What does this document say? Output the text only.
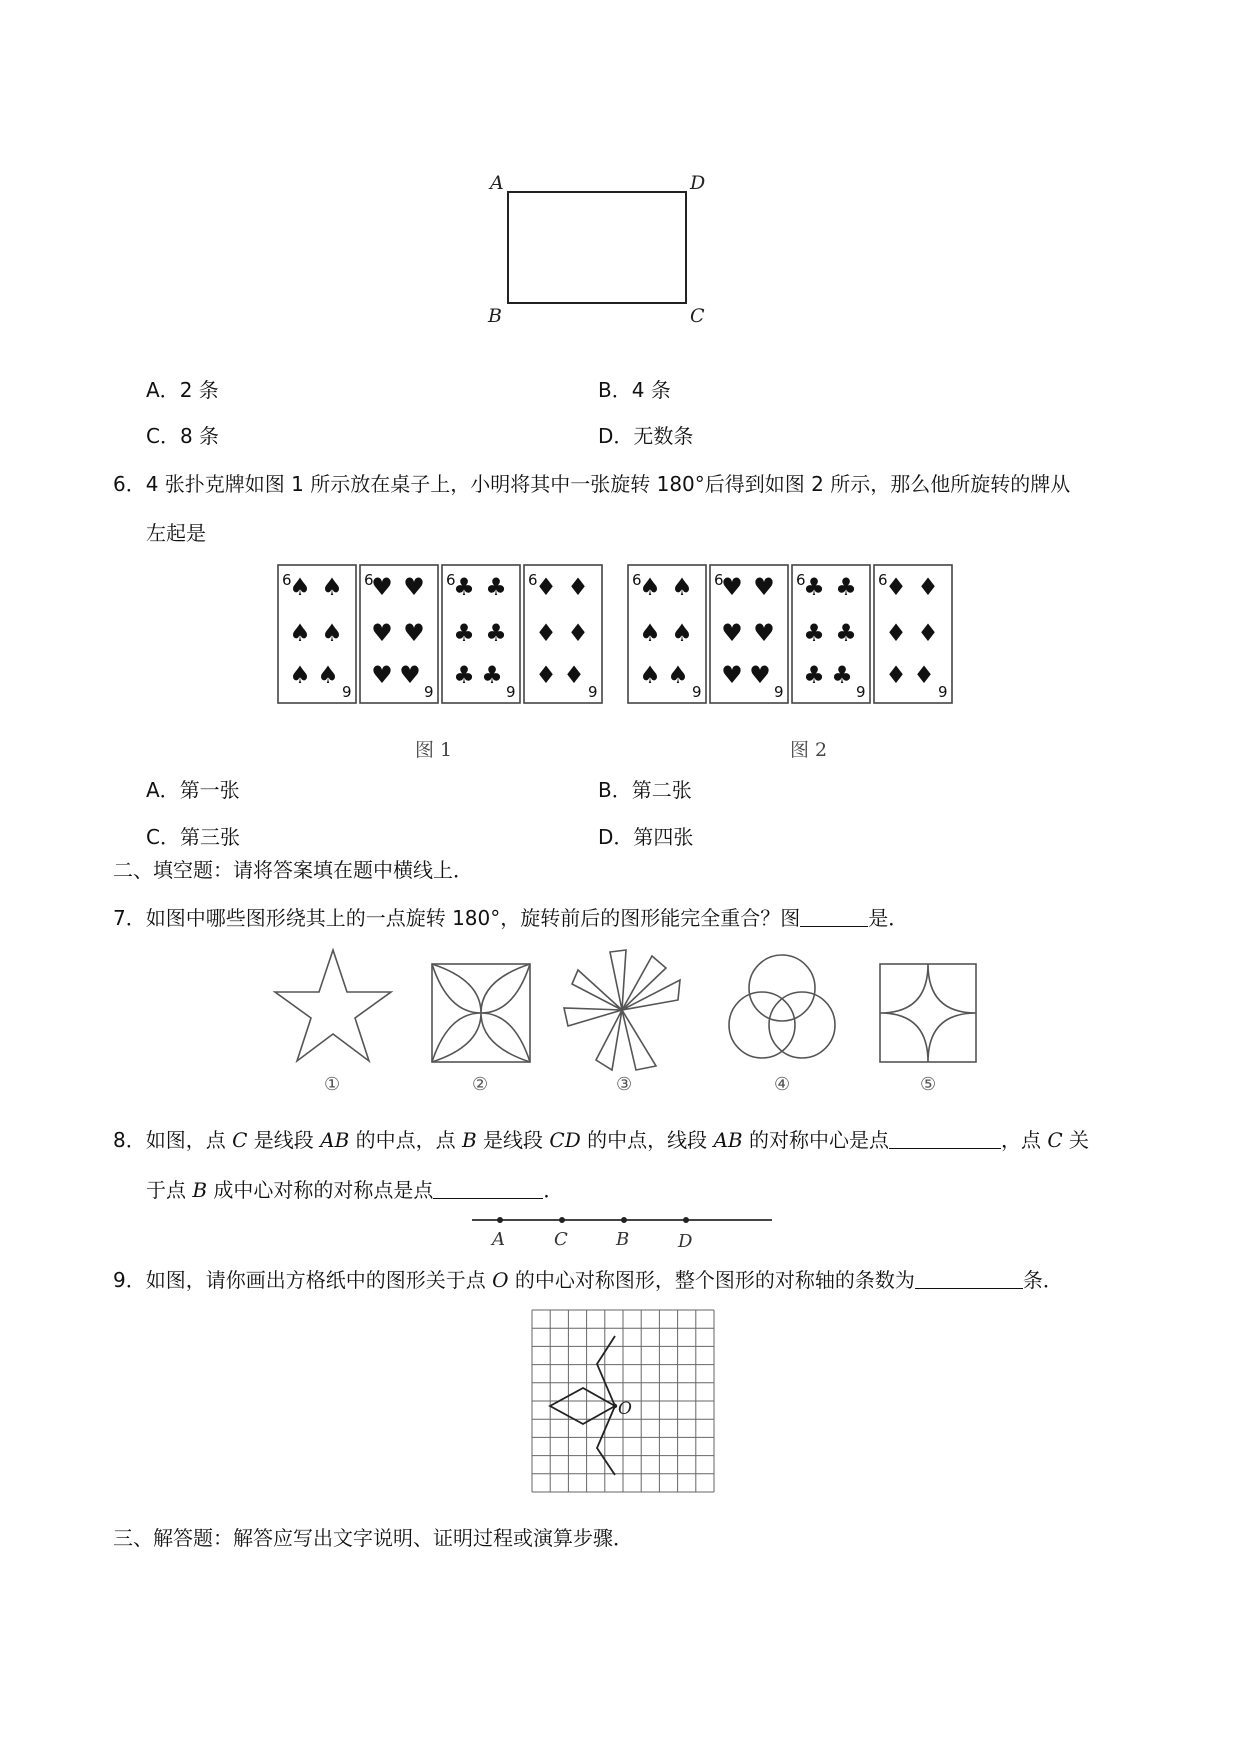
A	D
B	C
A．2 条	B．4 条
C．8 条	D．无数条
6．4 张扑克牌如图 1 所示放在桌子上，小明将其中一张旋转 180°后得到如图 2 所示，那么他所旋转的牌从
左起是
6
9
♠ ♠
♠ ♠
♠ ♠
6
9
♥ ♥
♥ ♥
♥ ♥
6
9
♣ ♣
♣ ♣
♣ ♣
6
9
♦ ♦
♦ ♦
♦ ♦
6
9
♠ ♠
♠ ♠
♠ ♠
6
9
♥ ♥
♥ ♥
♥ ♥
6
9
♣ ♣
♣ ♣
♣ ♣
6
9
♦ ♦
♦ ♦
♦ ♦
图 1	图 2
A．第一张	B．第二张
C．第三张	D．第四张
二、填空题：请将答案填在题中横线上．
7．如图中哪些图形绕其上的一点旋转 180°，旋转前后的图形能完全重合？图	是．
①	②	③	④	⑤
8．如图，点 C 是线段 AB 的中点，点 B 是线段 CD 的中点，线段 AB 的对称中心是点	，点 C 关
于点 B 成中心对称的对称点是点	．
A	C	B	D
9．如图，请你画出方格纸中的图形关于点 O 的中心对称图形，整个图形的对称轴的条数为	条．
O
三、解答题：解答应写出文字说明、证明过程或演算步骤．
